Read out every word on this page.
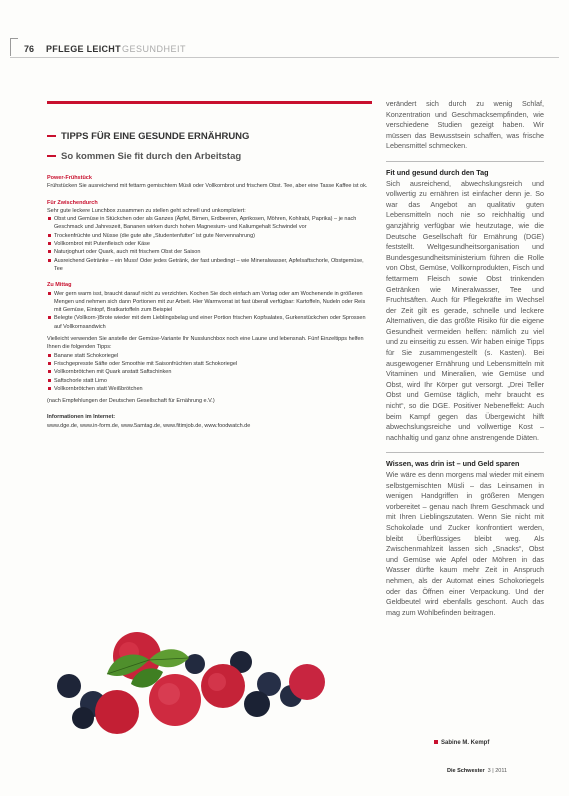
76 PFLEGE LEICHT GESUNDHEIT
TIPPS FÜR EINE GESUNDE ERNÄHRUNG
So kommen Sie fit durch den Arbeitstag
Power-Frühstück

Frühstücken Sie ausreichend mit fettarm gemischtem Müsli oder Vollkornbrot und frischem Obst. Tee, aber eine Tasse Kaffee ist ok.

Für Zwischendurch

Sehr gute leckere Lunchbox zusammen zu stellen geht schnell und unkompliziert:

Obst und Gemüse in Stückchen oder als Ganzes (Äpfel, Birnen, Erdbeeren, Aprikosen, Möhren, Kohlrabi, Paprika) – je nach Geschmack und Jahreszeit, Bananen wirken durch hohen Magnesium- und Kaliumgehalt Schwindel vor
Trockenfrüchte und Nüsse (die gute alte „Studentenfutter“ ist gute Nervennahrung)
Vollkornbrot mit Putenfleisch oder Käse
Naturjoghurt oder Quark, auch mit frischem Obst der Saison
Ausreichend Getränke – ein Muss! Oder jedes Getränk, der fast unbedingt – wie Mineralwasser, Apfelsaftschorle, Obstgemüse, Tee
Zu Mittag
Wer gern warm isst, braucht darauf nicht zu verzichten. Kochen Sie doch einfach am Vortag oder am Wochenende in größeren Mengen und nehmen sich dann Portionen mit zur Arbeit. Hier Warmvorrat ist fast überall verfügbar: Kartoffeln, Nudeln oder Reis mit Gemüse, Eintopf, Bratkartoffeln zum Beispiel
Belegte (Vollkorn-)Brote wieder mit dem Lieblingsbelag und einer Portion frischen Kopfsalates, Gurkenstückchen oder Sprossen auf Vollkornsandwich

Vielleicht verwenden Sie anstelle der Gemüse-Variante Ihr Nusslunchbox noch eine Laune und lebensnah. Fünf Einzeltipps helfen Ihnen die folgenden Tipps:

Banane statt Schokoriegel
Frischgepresste Säfte oder Smoothie mit Saisonfrüchten statt Schokoriegel
Vollkornbrötchen mit Quark anstatt Saftschinken
Saftschorle statt Limo
Vollkornbrötchen statt Weißbrötchen

(nach Empfehlungen der Deutschen Gesellschaft für Ernährung e.V.)

Informationen im Internet:

www.dge.de, www.in-form.de, www.5amtag.de, www.fitimjob.de, www.foodwatch.de

verändert sich durch zu wenig Schlaf, Konzentration und Geschmacksempfinden, wie verschiedene Studien gezeigt haben. Wir müssen das Bewusstsein schaffen, was frische Lebensmittel schmecken.

Fit und gesund durch den Tag

Sich ausreichend, abwechslungsreich und vollwertig zu ernähren ist einfacher denn je. So war das Angebot an qualitativ guten Lebensmitteln noch nie so reichhaltig und ganzjährig verfügbar wie heutzutage, wie die Deutsche Gesellschaft für Ernährung (DGE) feststellt. Weltgesundheitsorganisation und Bundesgesundheitsministerium führen die Rolle von Obst, Gemüse, Vollkornprodukten, Fisch und fettarmem Fleisch sowie Obst trinkenden Getränken wie Mineralwasser, Tee und Fruchtsäften. Auch für Pflegekräfte im Wechsel der Zeit gilt es gerade, schnelle und leckere Alternativen, die das größte Risiko für die eigene Gesundheit vermeiden helfen: nämlich zu viel und zu einseitig zu essen. Wir haben einige Tipps für Sie zusammengestellt (s. Kasten). Bei ausgewogener Ernährung und Lebensmitteln mit Vitaminen und Mineralien, wie Gemüse und Obst, wird Ihr Körper gut versorgt. „Drei Teller Obst und Gemüse täglich, mehr braucht es nicht“, so die DGE. Positiver Nebeneffekt: Auch beim Kampf gegen das Übergewicht hilft abwechslungsreiche und vollwertige Kost – nachhaltig und ganz ohne anstrengende Diäten.

Wissen, was drin ist – und Geld sparen

Wie wäre es denn morgens mal wieder mit einem selbstgemischten Müsli – das Leinsamen in wenigen Handgriffen in größeren Mengen vorbereitet – genau nach Ihrem Geschmack und mit Ihren Lieblingszutaten. Wenn Sie nicht mit Schokolade und Zucker konfrontiert werden, bleibt Überflüssiges bleibt weg. Als Zwischenmahlzeit lassen sich „Snacks“, Obst und Gemüse wie Apfel oder Möhren in das Wasser dürfte kaum mehr Zeit in Anspruch nehmen, als der Automat eines Schokoriegels oder das Öffnen einer Verpackung. Und der Geldbeutel wird ebenfalls geschont. Auch das mag zum Wohlbefinden beitragen.

Sabine M. Kempf
Die Schwester 3 | 2011
